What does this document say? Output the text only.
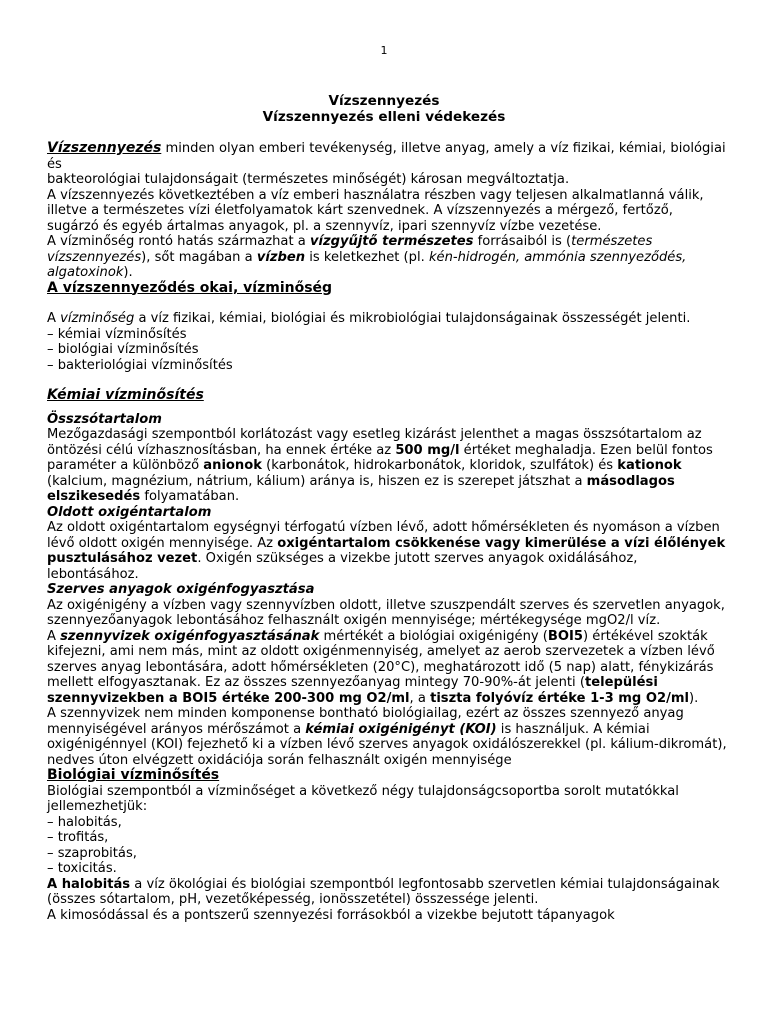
1
Vízszennyezés
Vízszennyezés elleni védekezés

Vízszennyezés minden olyan emberi tevékenység, illetve anyag, amely a víz fizikai, kémiai, biológiai és

bakteorológiai tulajdonságait (természetes minőségét) károsan megváltoztatja.

A vízszennyezés következtében a víz emberi használatra részben vagy teljesen alkalmatlanná válik, illetve a természetes vízi életfolyamatok kárt szenvednek. A vízszennyezés a mérgező, fertőző, sugárzó és egyéb ártalmas anyagok, pl. a szennyvíz, ipari szennyvíz vízbe vezetése.

A vízminőség rontó hatás származhat a vízgyűjtő természetes forrásaiból is (természetes vízszennyezés), sőt magában a vízben is keletkezhet (pl. kén-hidrogén, ammónia szennyeződés, algatoxinok).

A vízszennyeződés okai, vízminőség

A vízminőség a víz fizikai, kémiai, biológiai és mikrobiológiai tulajdonságainak összességét jelenti.

– kémiai vízminősítés

– biológiai vízminősítés

– bakteriológiai vízminősítés

Kémiai vízminősítés

Összsótartalom

Mezőgazdasági szempontból korlátozást vagy esetleg kizárást jelenthet a magas összsótartalom az öntözési célú vízhasznosításban, ha ennek értéke az 500 mg/l értéket meghaladja. Ezen belül fontos paraméter a különböző anionok (karbonátok, hidrokarbonátok, kloridok, szulfátok) és kationok (kalcium, magnézium, nátrium, kálium) aránya is, hiszen ez is szerepet játszhat a másodlagos elszikesedés folyamatában.

Oldott oxigéntartalom

Az oldott oxigéntartalom egységnyi térfogatú vízben lévő, adott hőmérsékleten és nyomáson a vízben lévő oldott oxigén mennyisége. Az oxigéntartalom csökkenése vagy kimerülése a vízi élőlények pusztulásához vezet. Oxigén szükséges a vizekbe jutott szerves anyagok oxidálásához, lebontásához.

Szerves anyagok oxigénfogyasztása

Az oxigénigény a vízben vagy szennyvízben oldott, illetve szuszpendált szerves és szervetlen anyagok, szennyezőanyagok lebontásához felhasznált oxigén mennyisége; mértékegysége mgO2/l víz.

A szennyvizek oxigénfogyasztásának mértékét a biológiai oxigénigény (BOI5) értékével szokták kifejezni, ami nem más, mint az oldott oxigénmennyiség, amelyet az aerob szervezetek a vízben lévő szerves anyag lebontására, adott hőmérsékleten (20°C), meghatározott idő (5 nap) alatt, fénykizárás mellett elfogyasztanak. Ez az összes szennyezőanyag mintegy 70-90%-át jelenti (települési szennyvizekben a BOI5 értéke 200-300 mg O2/ml, a tiszta folyóvíz értéke 1-3 mg O2/ml).

A szennyvizek nem minden komponense bontható biológiailag, ezért az összes szennyező anyag mennyiségével arányos mérőszámot a kémiai oxigénigényt (KOI) is használjuk. A kémiai oxigénigénnyel (KOI) fejezhető ki a vízben lévő szerves anyagok oxidálószerekkel (pl. kálium-dikromát), nedves úton elvégzett oxidációja során felhasznált oxigén mennyisége

Biológiai vízminősítés

Biológiai szempontból a vízminőséget a következő négy tulajdonságcsoportba sorolt mutatókkal jellemezhetjük:

– halobitás,

– trofitás,

– szaprobitás,

– toxicitás.

A halobitás a víz ökológiai és biológiai szempontból legfontosabb szervetlen kémiai tulajdonságainak (összes sótartalom, pH, vezetőképesség, ionösszetétel) összessége jelenti.

A kimosódással és a pontszerű szennyezési forrásokból a vizekbe bejutott tápanyagok
